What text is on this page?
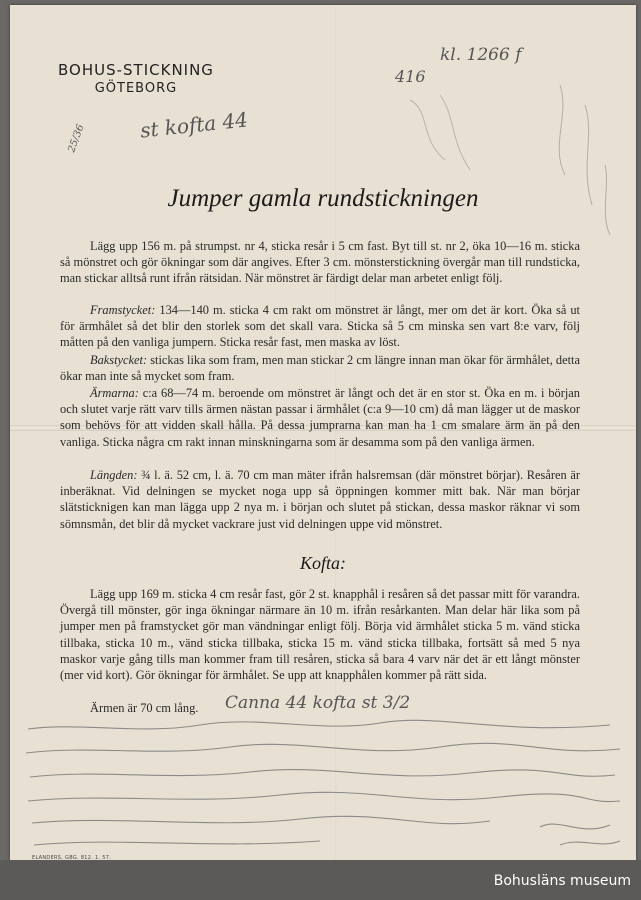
BOHUS-STICKNING
GÖTEBORG
kl. 1266 f
416
st kofta 44
25/36
Jumper gamla rundstickningen

Lägg upp 156 m. på strumpst. nr 4, sticka resår i 5 cm fast. Byt till st. nr 2, öka 10—16 m. sticka så mönstret och gör ökningar som där angives. Efter 3 cm. mönsterstickning övergår man till rundsticka, man stickar alltså runt ifrån rätsidan. När mönstret är färdigt delar man arbetet enligt följ.

Framstycket: 134—140 m. sticka 4 cm rakt om mönstret är långt, mer om det är kort. Öka så ut för ärmhålet så det blir den storlek som det skall vara. Sticka så 5 cm minska sen vart 8:e varv, följ måtten på den vanliga jumpern. Sticka resår fast, men maska av löst.

Bakstycket: stickas lika som fram, men man stickar 2 cm längre innan man ökar för ärmhålet, detta ökar man inte så mycket som fram.

Ärmarna: c:a 68—74 m. beroende om mönstret är långt och det är en stor st. Öka en m. i början och slutet varje rätt varv tills ärmen nästan passar i ärmhålet (c:a 9—10 cm) då man lägger ut de maskor som behövs för att vidden skall hålla. På dessa jumprarna kan man ha 1 cm smalare ärm än på den vanliga. Sticka några cm rakt innan minskningarna som är desamma som på den vanliga ärmen.

Längden: ¾ l. ä. 52 cm, l. ä. 70 cm man mäter ifrån halsremsan (där mönstret börjar). Resåren är inberäknat. Vid delningen se mycket noga upp så öppningen kommer mitt bak. När man börjar slätsticknigen kan man lägga upp 2 nya m. i början och slutet på stickan, dessa maskor räknar vi som sömnsmån, det blir då mycket vackrare just vid delningen uppe vid mönstret.

Kofta:

Lägg upp 169 m. sticka 4 cm resår fast, gör 2 st. knapphål i resåren så det passar mitt för varandra. Övergå till mönster, gör inga ökningar närmare än 10 m. ifrån resårkanten. Man delar här lika som på jumper men på framstycket gör man vändningar enligt följ. Börja vid ärmhålet sticka 5 m. vänd sticka tillbaka, sticka 10 m., vänd sticka tillbaka, sticka 15 m. vänd sticka tillbaka, fortsätt så med 5 nya maskor varje gång tills man kommer fram till resåren, sticka så bara 4 varv när det är ett långt mönster (mer vid kort). Gör ökningar för ärmhålet. Se upp att knapphålen kommer på rätt sida.

Ärmen är 70 cm lång. Canna 44 kofta st 3/2
ELANDERS, GBG. 812. 1. 57.
Bohusläns museum
